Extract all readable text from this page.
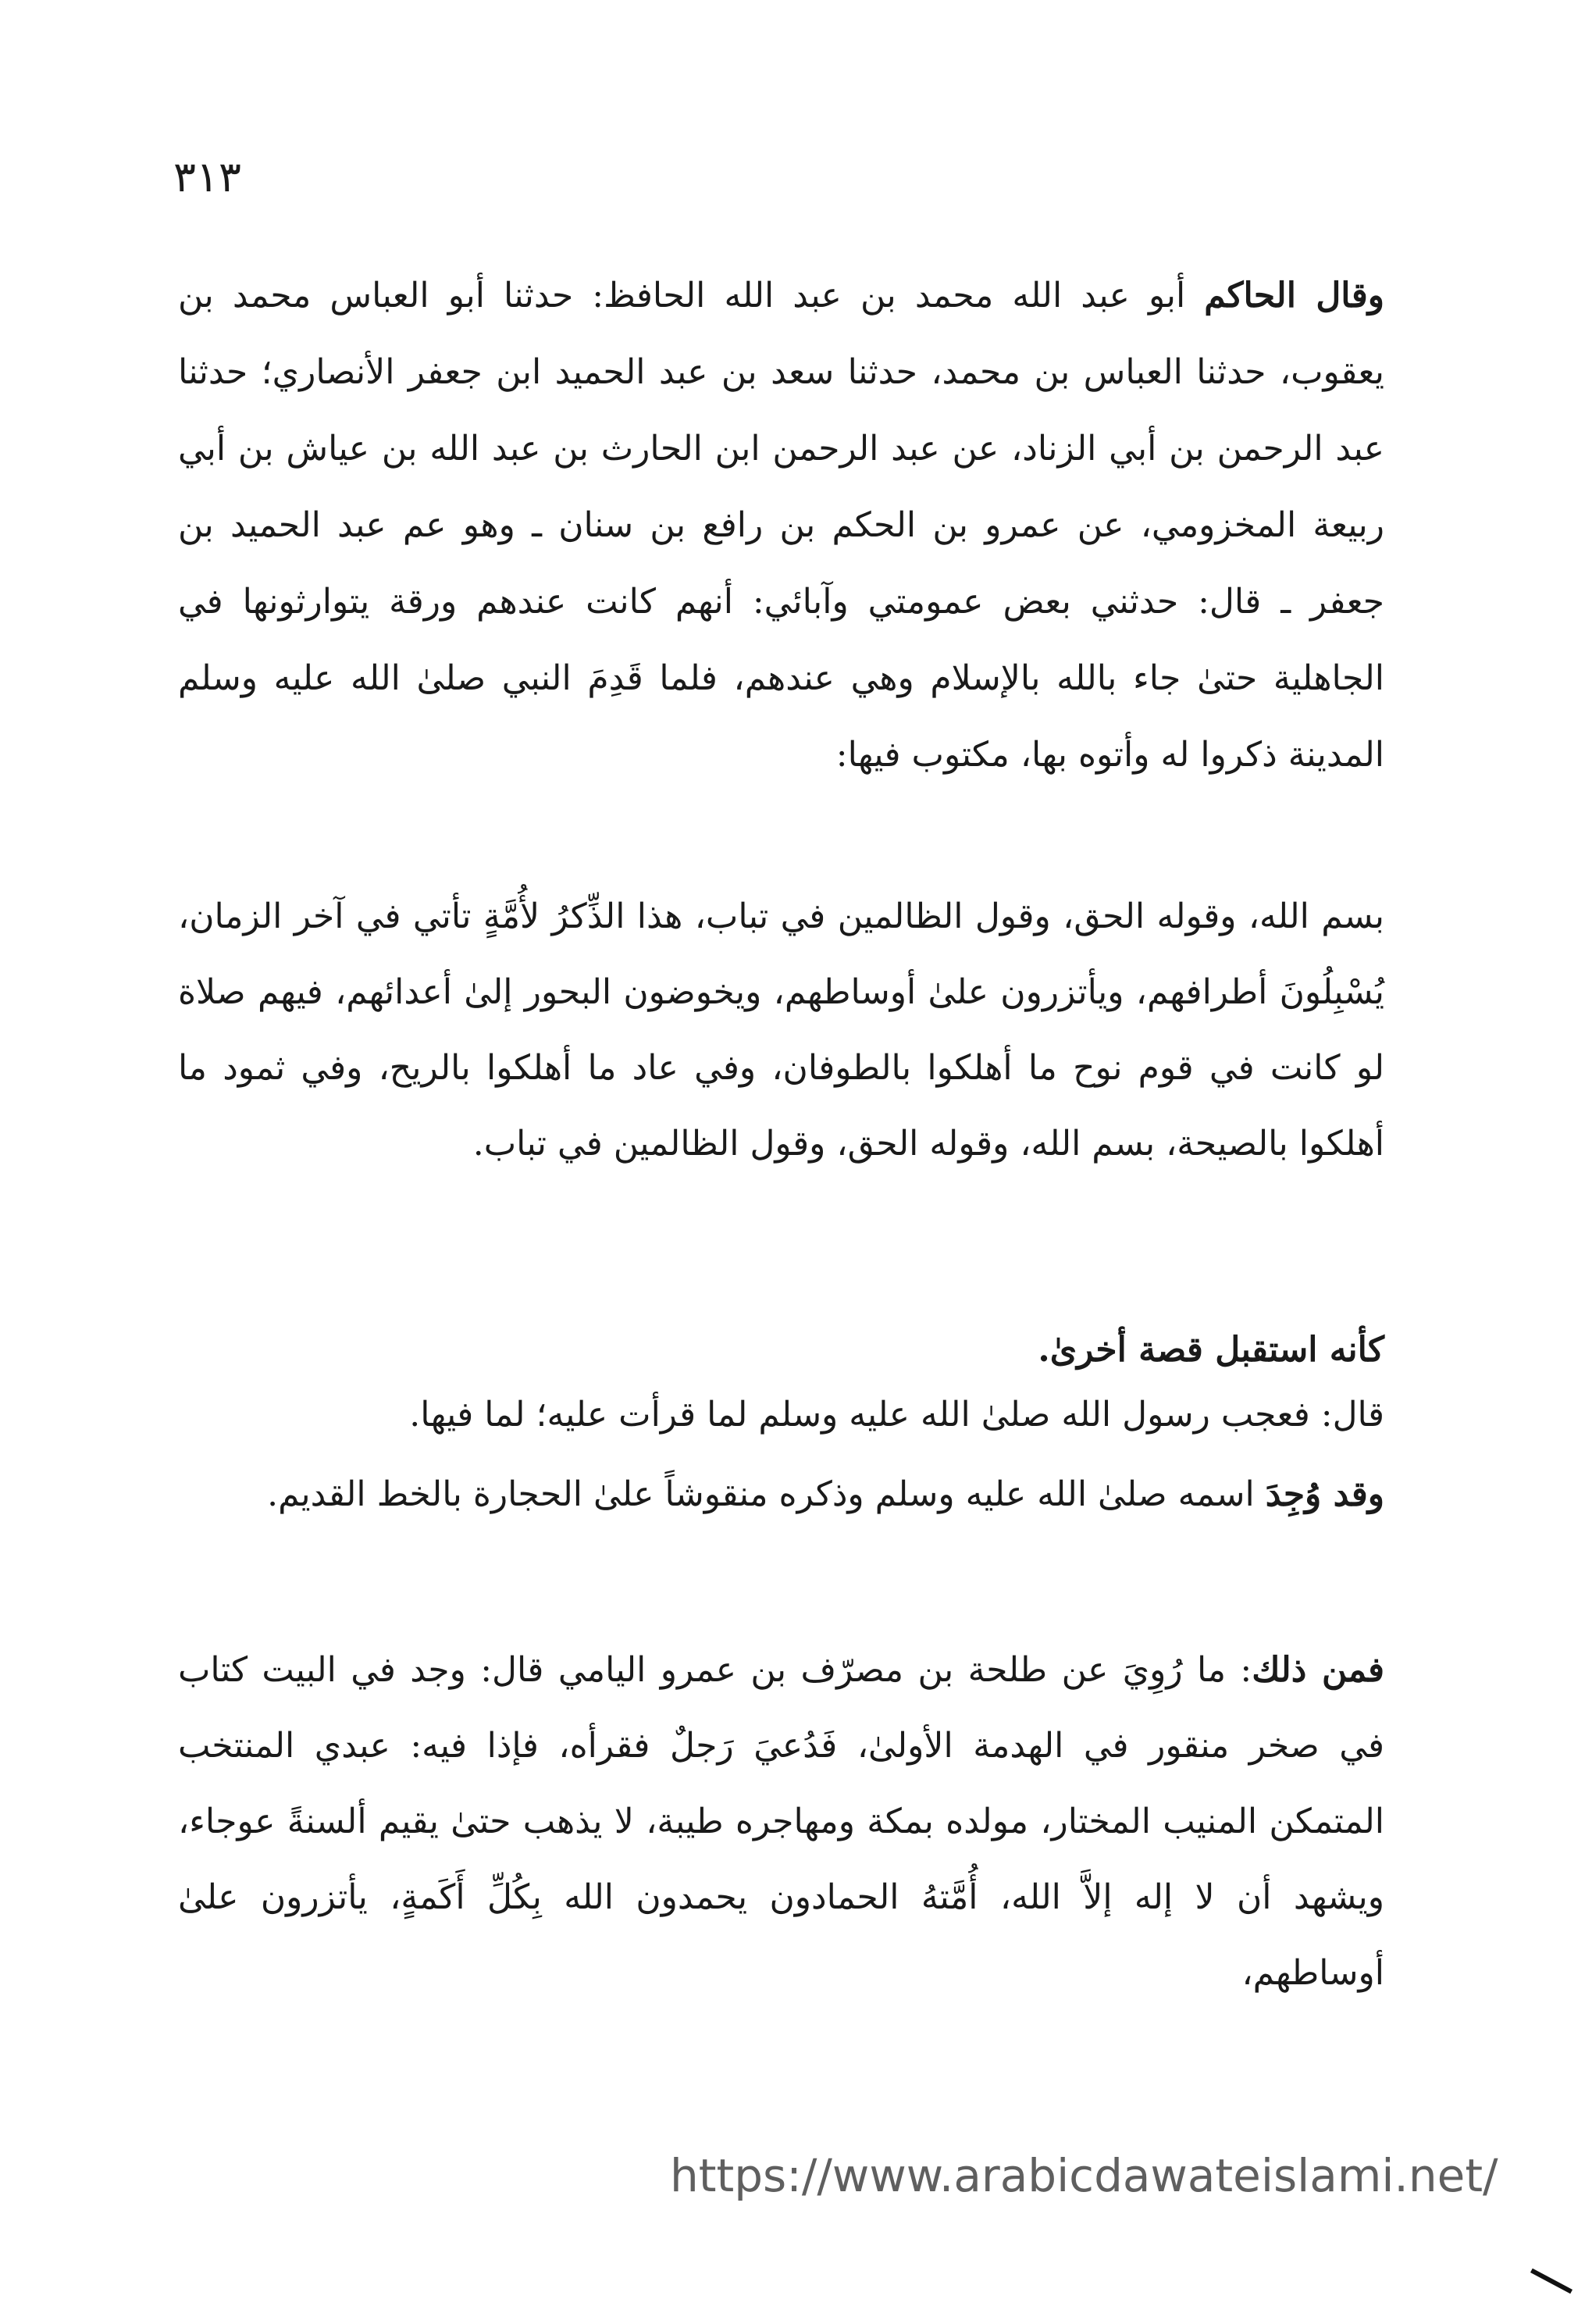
٣١٣

وقال الحاكم أبو عبد الله محمد بن عبد الله الحافظ: حدثنا أبو العباس محمد بن يعقوب، حدثنا العباس بن محمد، حدثنا سعد بن عبد الحميد ابن جعفر الأنصاري؛ حدثنا عبد الرحمن بن أبي الزناد، عن عبد الرحمن ابن الحارث بن عبد الله بن عياش بن أبي ربيعة المخزومي، عن عمرو بن الحكم بن رافع بن سنان ـ وهو عم عبد الحميد بن جعفر ـ قال: حدثني بعض عمومتي وآبائي: أنهم كانت عندهم ورقة يتوارثونها في الجاهلية حتىٰ جاء بالله بالإسلام وهي عندهم، فلما قَدِمَ النبي صلىٰ الله عليه وسلم المدينة ذكروا له وأتوه بها، مكتوب فيها:

بسم الله، وقوله الحق، وقول الظالمين في تباب، هذا الذِّكرُ لأُمَّةٍ تأتي في آخر الزمان، يُسْبِلُونَ أطرافهم، ويأتزرون علىٰ أوساطهم، ويخوضون البحور إلىٰ أعدائهم، فيهم صلاة لو كانت في قوم نوح ما أهلكوا بالطوفان، وفي عاد ما أهلكوا بالريح، وفي ثمود ما أهلكوا بالصيحة، بسم الله، وقوله الحق، وقول الظالمين في تباب.

كأنه استقبل قصة أخرىٰ.

قال: فعجب رسول الله صلىٰ الله عليه وسلم لما قرأت عليه؛ لما فيها.

وقد وُجِدَ اسمه صلىٰ الله عليه وسلم وذكره منقوشاً علىٰ الحجارة بالخط القديم.

فمن ذلك: ما رُوِيَ عن طلحة بن مصرّف بن عمرو اليامي قال: وجد في البيت كتاب في صخر منقور في الهدمة الأولىٰ، فَدُعيَ رَجلٌ فقرأه، فإذا فيه: عبدي المنتخب المتمكن المنيب المختار، مولده بمكة ومهاجره طيبة، لا يذهب حتىٰ يقيم ألسنةً عوجاء، ويشهد أن لا إله إلاَّ الله، أُمَّتهُ الحمادون يحمدون الله بِكُلِّ أَكَمةٍ، يأتزرون علىٰ أوساطهم،

https://www.arabicdawateislami.net/
